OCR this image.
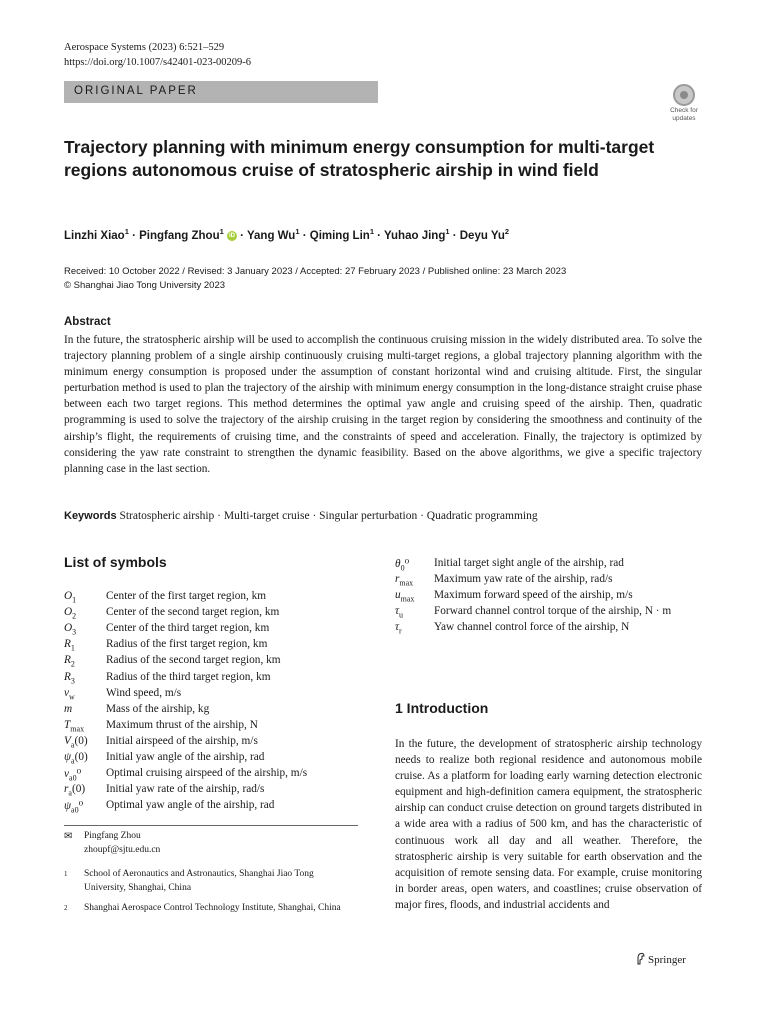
Aerospace Systems (2023) 6:521–529
https://doi.org/10.1007/s42401-023-00209-6
ORIGINAL PAPER
Check for
updates
Trajectory planning with minimum energy consumption for multi-target regions autonomous cruise of stratospheric airship in wind field
Linzhi Xiao$^1$ · Pingfang Zhou$^1$ iD · Yang $Wu^1 \cdot Qiming$ Lin$^1$ · Yuhao Jing$^1$ · Deyu Yu$^2$
Received: 10 October 2022 / Revised: 3 January 2023 / Accepted: 27 February 2023 / Published online: 23 March 2023
© Shanghai Jiao Tong University 2023
Abstract
In the future, the stratospheric airship will be used to accomplish the continuous cruising mission in the widely distributed area. To solve the trajectory planning problem of a single airship continuously cruising multi-target regions, a global trajectory planning algorithm with the minimum energy consumption is proposed under the assumption of constant horizontal wind and cruising altitude. First, the singular perturbation method is used to plan the trajectory of the airship with minimum energy consumption in the long-distance straight cruise phase between each two target regions. This method determines the optimal yaw angle and cruising speed of the airship. Then, quadratic programming is used to solve the trajectory of the airship cruising in the target region by considering the smoothness and continuity of the airship’s flight, the requirements of cruising time, and the constraints of speed and acceleration. Finally, the trajectory is optimized by considering the yaw rate constraint to strengthen the dynamic feasibility. Based on the above algorithms, we give a specific trajectory planning case in the last section.
Keywords Stratospheric airship · Multi-target cruise · Singular perturbation · Quadratic programming
List of symbols
$O_1$	Center of the first target region, km
$O_2$	Center of the second target region, km
$O_3$	Center of the third target region, km
$R_1$	Radius of the first target region, km
$R_2$	Radius of the second target region, km
$R_3$	Radius of the third target region, km
$v_w$	Wind speed, m/s
m	Mass of the airship, kg
$T_{max}$ Maximum thrust of the airship, N
$V_a(0)$ Initial airspeed of the airship, m/s
$\psi_a(0)$ Initial yaw angle of the airship, rad
$v_{a0}^0$ Optimal cruising airspeed of the airship, m/s
$r_a(0)$ Initial yaw rate of the airship, rad/s
$\psi_{a0}^0$ Optimal yaw angle of the airship, rad
$\theta_0^0$ Initial target sight angle of the airship, rad
$r_{max}$ Maximum yaw rate of the airship, rad/s
$u_{max}$ Maximum forward speed of the airship, m/s
$\tau_u$	Forward channel control torque of the airship, N · m
$\tau_r$	Yaw channel control force of the airship, N
✉ Pingfang Zhou
zhoupf@sjtu.edu.cn
1 School of Aeronautics and Astronautics, Shanghai Jiao Tong University, Shanghai, China
2 Shanghai Aerospace Control Technology Institute, Shanghai, China
1 Introduction
In the future, the development of stratospheric airship technology needs to realize both regional residence and autonomous mobile cruise. As a platform for loading early warning detection electronic equipment and high-definition camera equipment, the stratospheric airship can conduct cruise detection on ground targets distributed in a wide area with a radius of 500 km, and has the characteristic of continuous work all day and all weather. Therefore, the stratospheric airship is very suitable for earth observation and the acquisition of remote sensing data. For example, cruise monitoring in border areas, open waters, and coastlines; cruise observation of major fires, floods, and industrial accidents and
Springer
